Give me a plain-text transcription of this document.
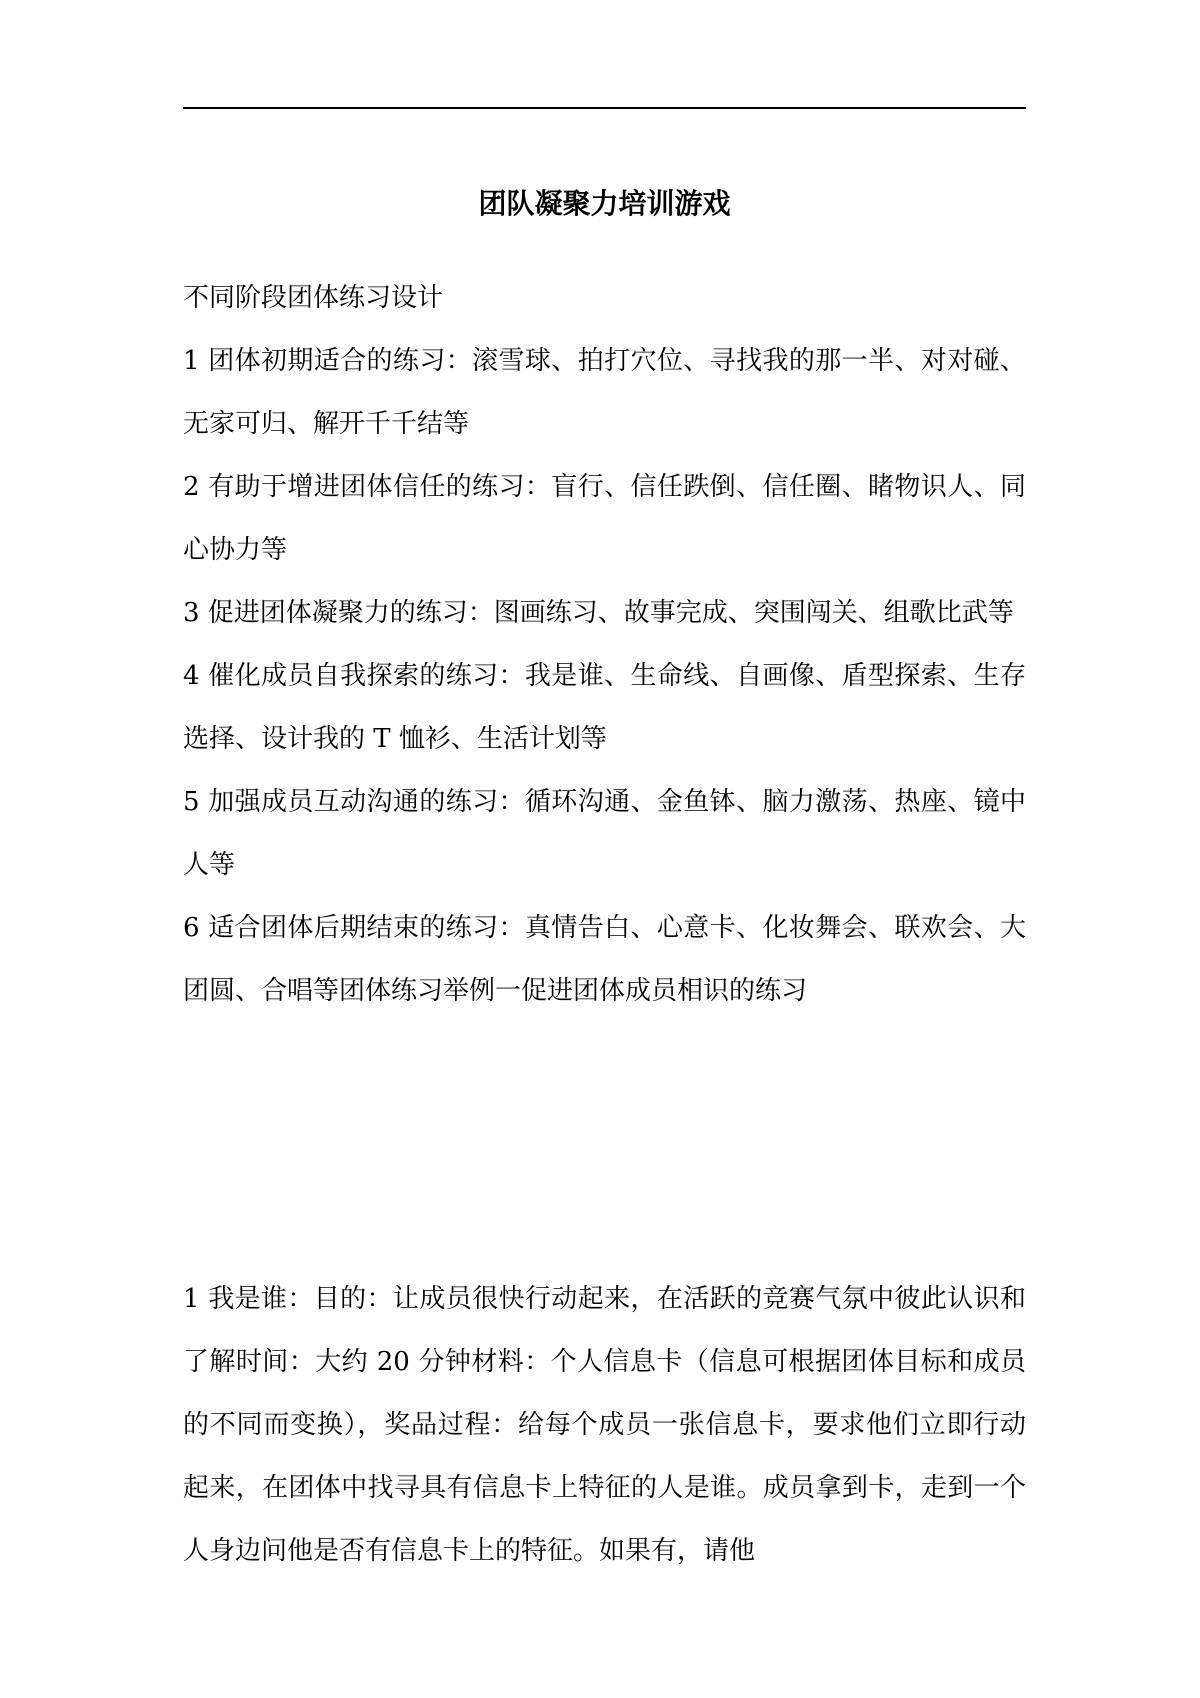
团队凝聚力培训游戏

不同阶段团体练习设计

1 团体初期适合的练习：滚雪球、拍打穴位、寻找我的那一半、对对碰、无家可归、解开千千结等

2 有助于增进团体信任的练习：盲行、信任跌倒、信任圈、睹物识人、同心协力等

3 促进团体凝聚力的练习：图画练习、故事完成、突围闯关、组歌比武等

4 催化成员自我探索的练习：我是谁、生命线、自画像、盾型探索、生存选择、设计我的 T 恤衫、生活计划等

5 加强成员互动沟通的练习：循环沟通、金鱼钵、脑力激荡、热座、镜中人等

6 适合团体后期结束的练习：真情告白、心意卡、化妆舞会、联欢会、大团圆、合唱等团体练习举例一促进团体成员相识的练习

1 我是谁：目的：让成员很快行动起来，在活跃的竞赛气氛中彼此认识和了解时间：大约 20 分钟材料：个人信息卡（信息可根据团体目标和成员的不同而变换），奖品过程：给每个成员一张信息卡，要求他们立即行动起来，在团体中找寻具有信息卡上特征的人是谁。成员拿到卡，走到一个人身边问他是否有信息卡上的特征。如果有，请他
